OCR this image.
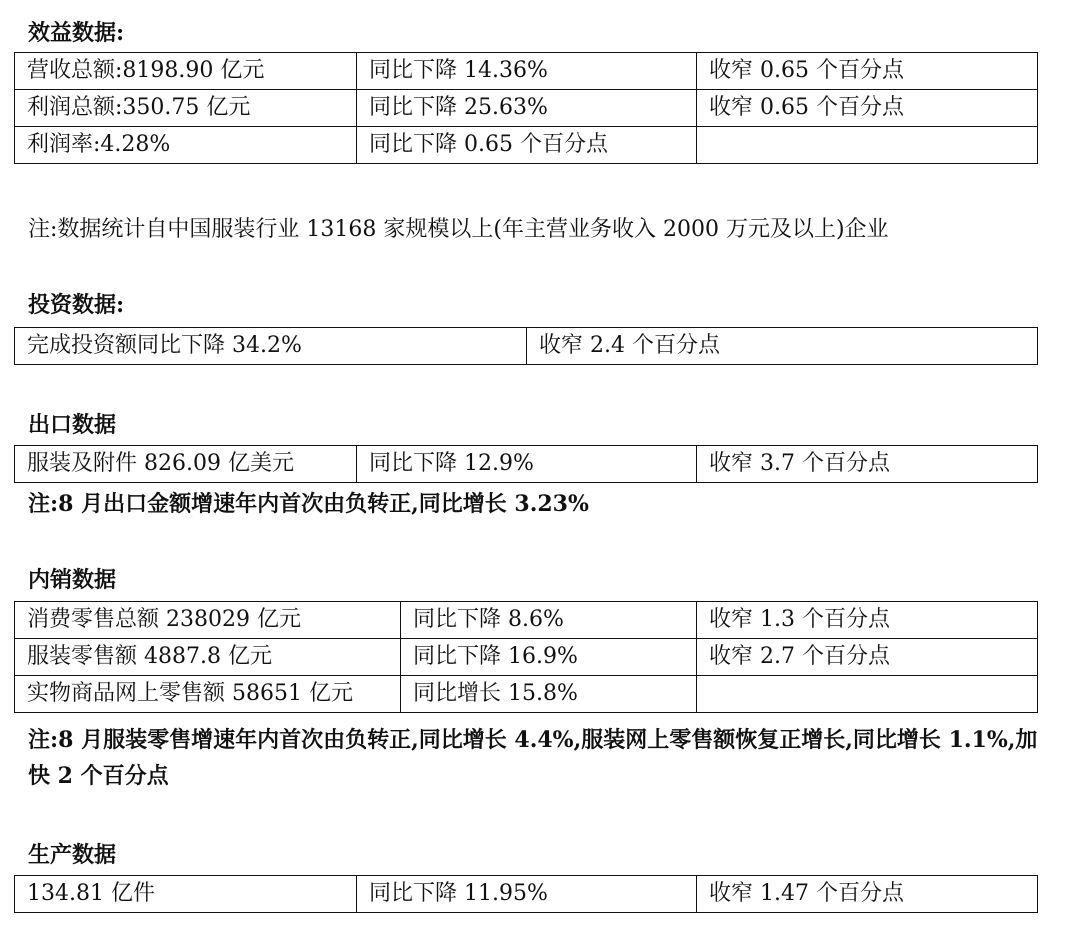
效益数据:
营收总额:8198.90 亿元	同比下降 14.36%	收窄 0.65 个百分点
利润总额:350.75 亿元	同比下降 25.63%	收窄 0.65 个百分点
利润率:4.28%	同比下降 0.65 个百分点	
注:数据统计自中国服装行业 13168 家规模以上(年主营业务收入 2000 万元及以上)企业
投资数据:
完成投资额同比下降 34.2%	收窄 2.4 个百分点
出口数据
服装及附件 826.09 亿美元	同比下降 12.9%	收窄 3.7 个百分点
注:8 月出口金额增速年内首次由负转正,同比增长 3.23%
内销数据
消费零售总额 238029 亿元	同比下降 8.6%	收窄 1.3 个百分点
服装零售额 4887.8 亿元	同比下降 16.9%	收窄 2.7 个百分点
实物商品网上零售额 58651 亿元	同比增长 15.8%	
注:8 月服装零售增速年内首次由负转正,同比增长 4.4%,服装网上零售额恢复正增长,同比增长 1.1%,加快 2 个百分点
生产数据
134.81 亿件	同比下降 11.95%	收窄 1.47 个百分点
